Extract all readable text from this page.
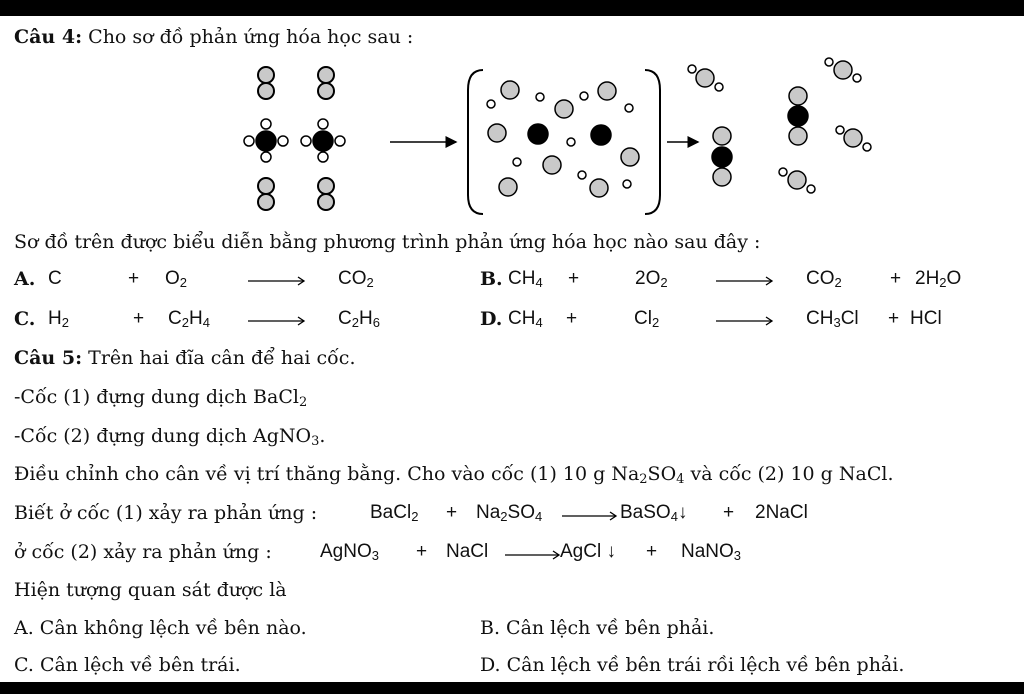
Câu 4: Cho sơ đồ phản ứng hóa học sau :
Sơ đồ trên được biểu diễn bằng phương trình phản ứng hóa học nào sau đây :
A. C	+ $O_2$	$CO_2$	B. $CH_4$ +	$2O_2$	$CO_2$	+ $2H_2O$
C. $H_2$	+ $C_2H_4$	$C_2H_6$	D. $CH_4$ +	$Cl_2$	$CH_3Cl$ + HCl
Câu 5: Trên hai đĩa cân để hai cốc.
-Cốc (1) đựng dung dịch BaCl$_2$
-Cốc (2) đựng dung dịch AgNO$_3$.
Điều chỉnh cho cân về vị trí thăng bằng. Cho vào cốc (1) 10 g $Na_2SO_4$ và cốc (2) 10 g NaCl.
Biết ở cốc (1) xảy ra phản ứng :	BaCl$_2$ + $Na_2SO_4$ → BaSO$_4$↓ + 2NaCl
ở cốc (2) xảy ra phản ứng :	AgNO$_3$ + NaCl → AgCl ↓ + NaNO$_3$
Hiện tượng quan sát được là
A. Cân không lệch về bên nào.	B. Cân lệch về bên phải.
C. Cân lệch về bên trái.	D. Cân lệch về bên trái rồi lệch về bên phải.
